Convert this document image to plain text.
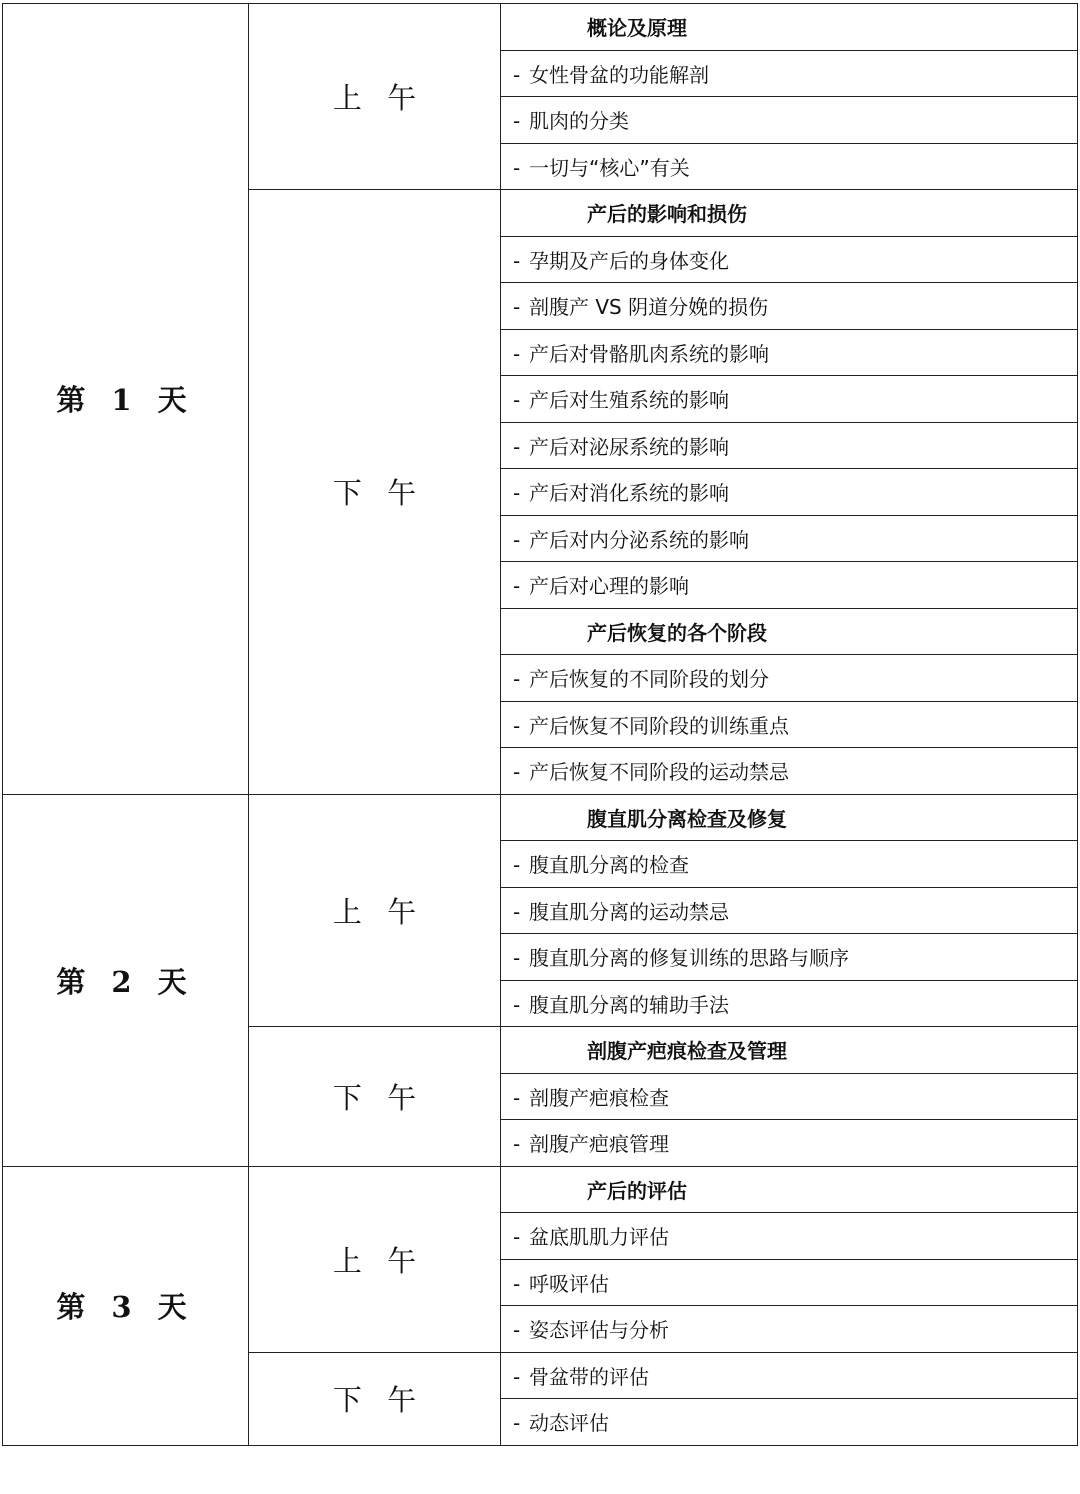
第 1 天	上 午	概论及原理
		- 女性骨盆的功能解剖
		- 肌肉的分类
		- 一切与“核心”有关
	下 午	产后的影响和损伤
		- 孕期及产后的身体变化
		- 剖腹产 VS 阴道分娩的损伤
		- 产后对骨骼肌肉系统的影响
		- 产后对生殖系统的影响
		- 产后对泌尿系统的影响
		- 产后对消化系统的影响
		- 产后对内分泌系统的影响
		- 产后对心理的影响
		产后恢复的各个阶段
		- 产后恢复的不同阶段的划分
		- 产后恢复不同阶段的训练重点
		- 产后恢复不同阶段的运动禁忌
第 2 天	上 午	腹直肌分离检查及修复
		- 腹直肌分离的检查
		- 腹直肌分离的运动禁忌
		- 腹直肌分离的修复训练的思路与顺序
		- 腹直肌分离的辅助手法
	下 午	剖腹产疤痕检查及管理
		- 剖腹产疤痕检查
		- 剖腹产疤痕管理
第 3 天	上 午	产后的评估
		- 盆底肌肌力评估
		- 呼吸评估
		- 姿态评估与分析
	下 午	- 骨盆带的评估
		- 动态评估
